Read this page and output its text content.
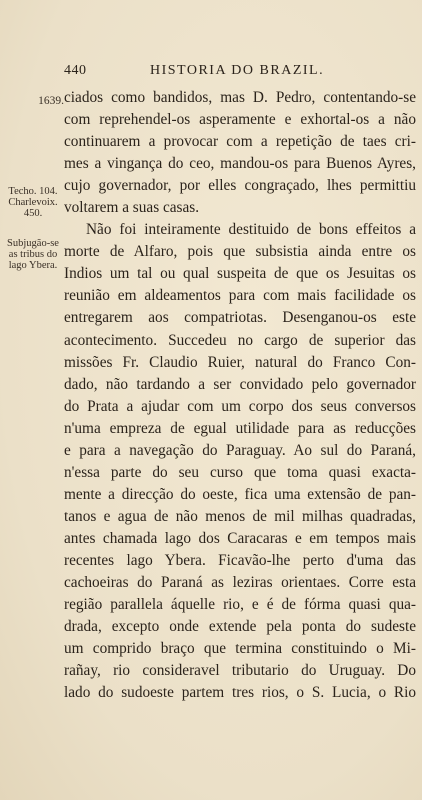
440	HISTORIA DO BRAZIL.
1639.
Techo. 104.
Charlevoix.
450.
Subjugão-se
as tribus do
lago Ybera.
ciados como bandidos, mas D. Pedro, contentando-se
com reprehendel-os asperamente e exhortal-os a não
continuarem a provocar com a repetição de taes cri-
mes a vingança do ceo, mandou-os para Buenos Ayres,
cujo governador, por elles congraçado, lhes permittiu
voltarem a suas casas.
Não foi inteiramente destituido de bons effeitos a
morte de Alfaro, pois que subsistia ainda entre os
Indios um tal ou qual suspeita de que os Jesuitas os
reunião em aldeamentos para com mais facilidade os
entregarem aos compatriotas. Desenganou-os este
acontecimento. Succedeu no cargo de superior das
missões Fr. Claudio Ruier, natural do Franco Con-
dado, não tardando a ser convidado pelo governador
do Prata a ajudar com um corpo dos seus conversos
n'uma empreza de egual utilidade para as reducções
e para a navegação do Paraguay. Ao sul do Paraná,
n'essa parte do seu curso que toma quasi exacta-
mente a direcção do oeste, fica uma extensão de pan-
tanos e agua de não menos de mil milhas quadradas,
antes chamada lago dos Caracaras e em tempos mais
recentes lago Ybera. Ficavão-lhe perto d'uma das
cachoeiras do Paraná as leziras orientaes. Corre esta
região parallela áquelle rio, e é de fórma quasi qua-
drada, excepto onde extende pela ponta do sudeste
um comprido braço que termina constituindo o Mi-
rañay, rio consideravel tributario do Uruguay. Do
lado do sudoeste partem tres rios, o S. Lucia, o Rio
